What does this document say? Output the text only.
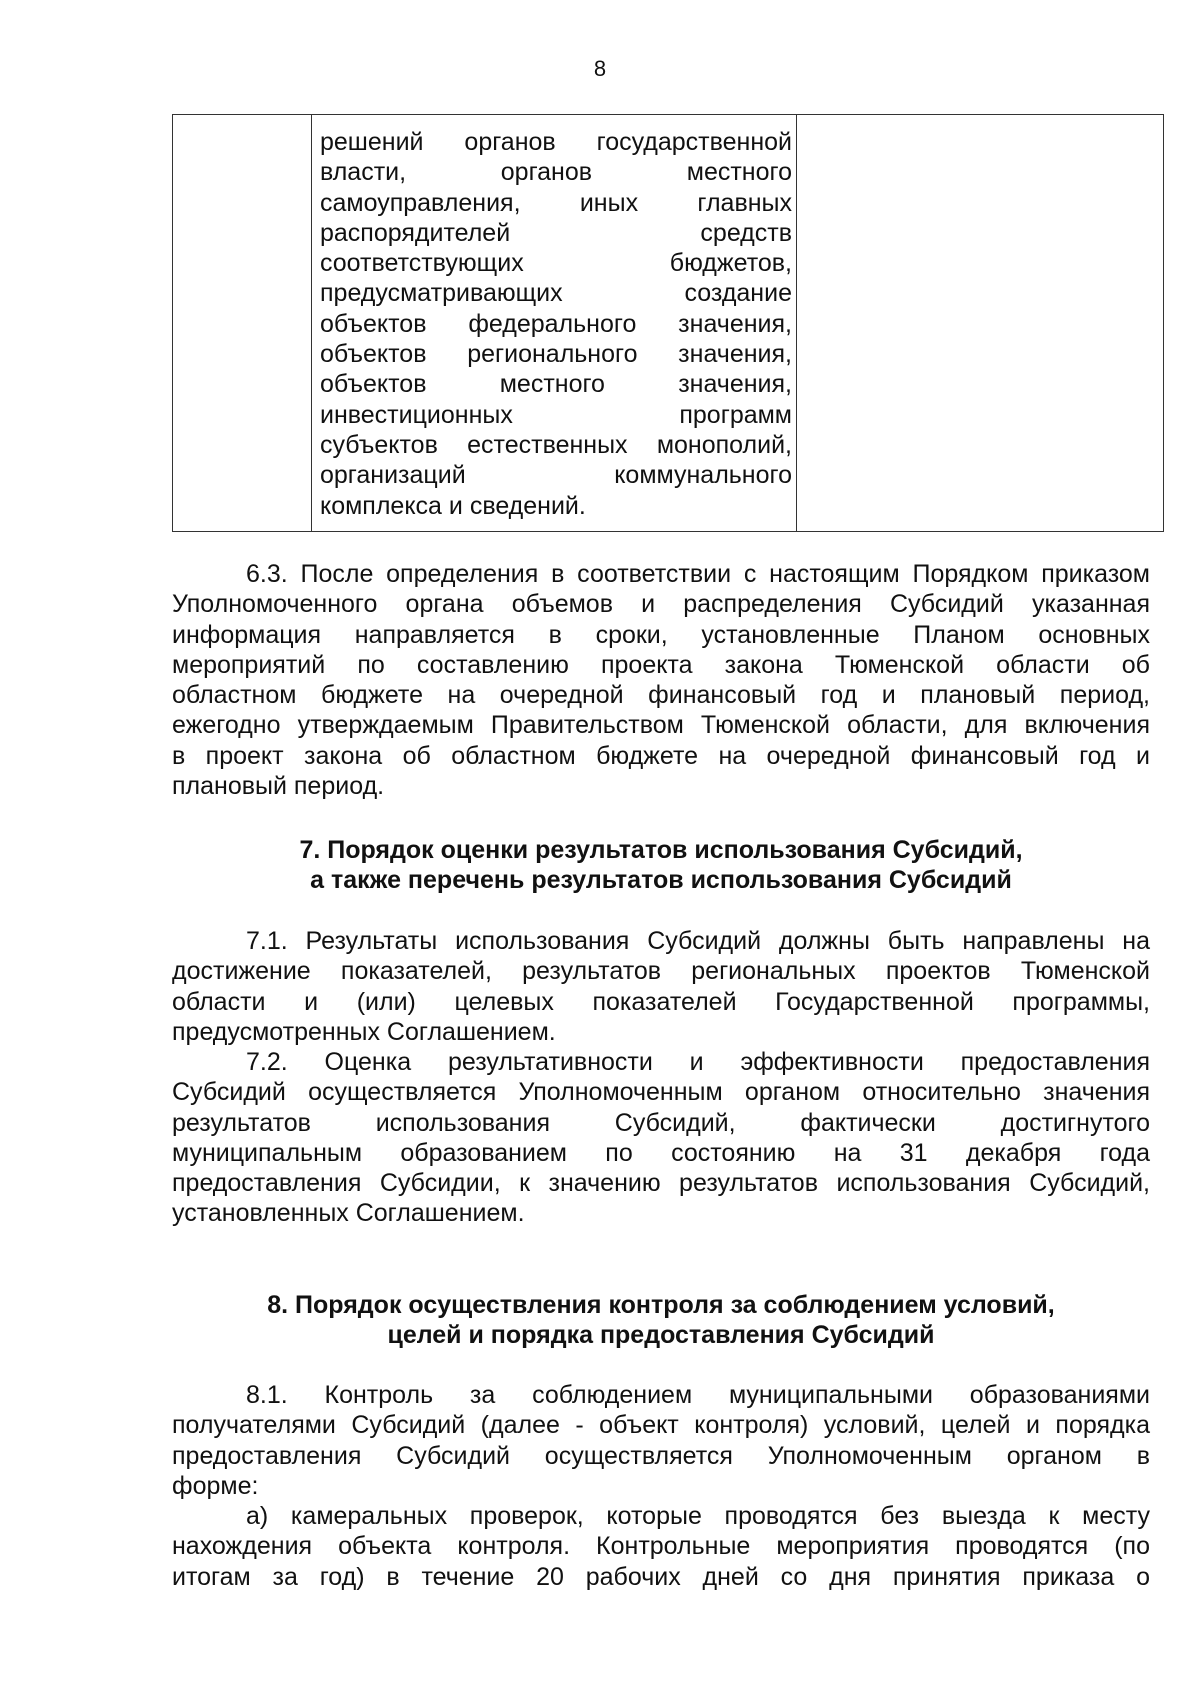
8

решений органов государственной
власти, органов местного
самоуправления, иных главных
распорядителей средств
соответствующих бюджетов,
предусматривающих создание
объектов федерального значения,
объектов регионального значения,
объектов местного значения,
инвестиционных программ
субъектов естественных монополий,
организаций коммунального
комплекса и сведений.

6.3. После определения в соответствии с настоящим Порядком приказом
Уполномоченного органа объемов и распределения Субсидий указанная
информация направляется в сроки, установленные Планом основных
мероприятий по составлению проекта закона Тюменской области об
областном бюджете на очередной финансовый год и плановый период,
ежегодно утверждаемым Правительством Тюменской области, для включения
в проект закона об областном бюджете на очередной финансовый год и
плановый период.
7. Порядок оценки результатов использования Субсидий,
а также перечень результатов использования Субсидий
7.1. Результаты использования Субсидий должны быть направлены на
достижение показателей, результатов региональных проектов Тюменской
области и (или) целевых показателей Государственной программы,
предусмотренных Соглашением.
7.2. Оценка результативности и эффективности предоставления
Субсидий осуществляется Уполномоченным органом относительно значения
результатов использования Субсидий, фактически достигнутого
муниципальным образованием по состоянию на 31 декабря года
предоставления Субсидии, к значению результатов использования Субсидий,
установленных Соглашением.
8. Порядок осуществления контроля за соблюдением условий,
целей и порядка предоставления Субсидий
8.1. Контроль за соблюдением муниципальными образованиями
получателями Субсидий (далее - объект контроля) условий, целей и порядка
предоставления Субсидий осуществляется Уполномоченным органом в
форме:
а) камеральных проверок, которые проводятся без выезда к месту
нахождения объекта контроля. Контрольные мероприятия проводятся (по
итогам за год) в течение 20 рабочих дней со дня принятия приказа о
